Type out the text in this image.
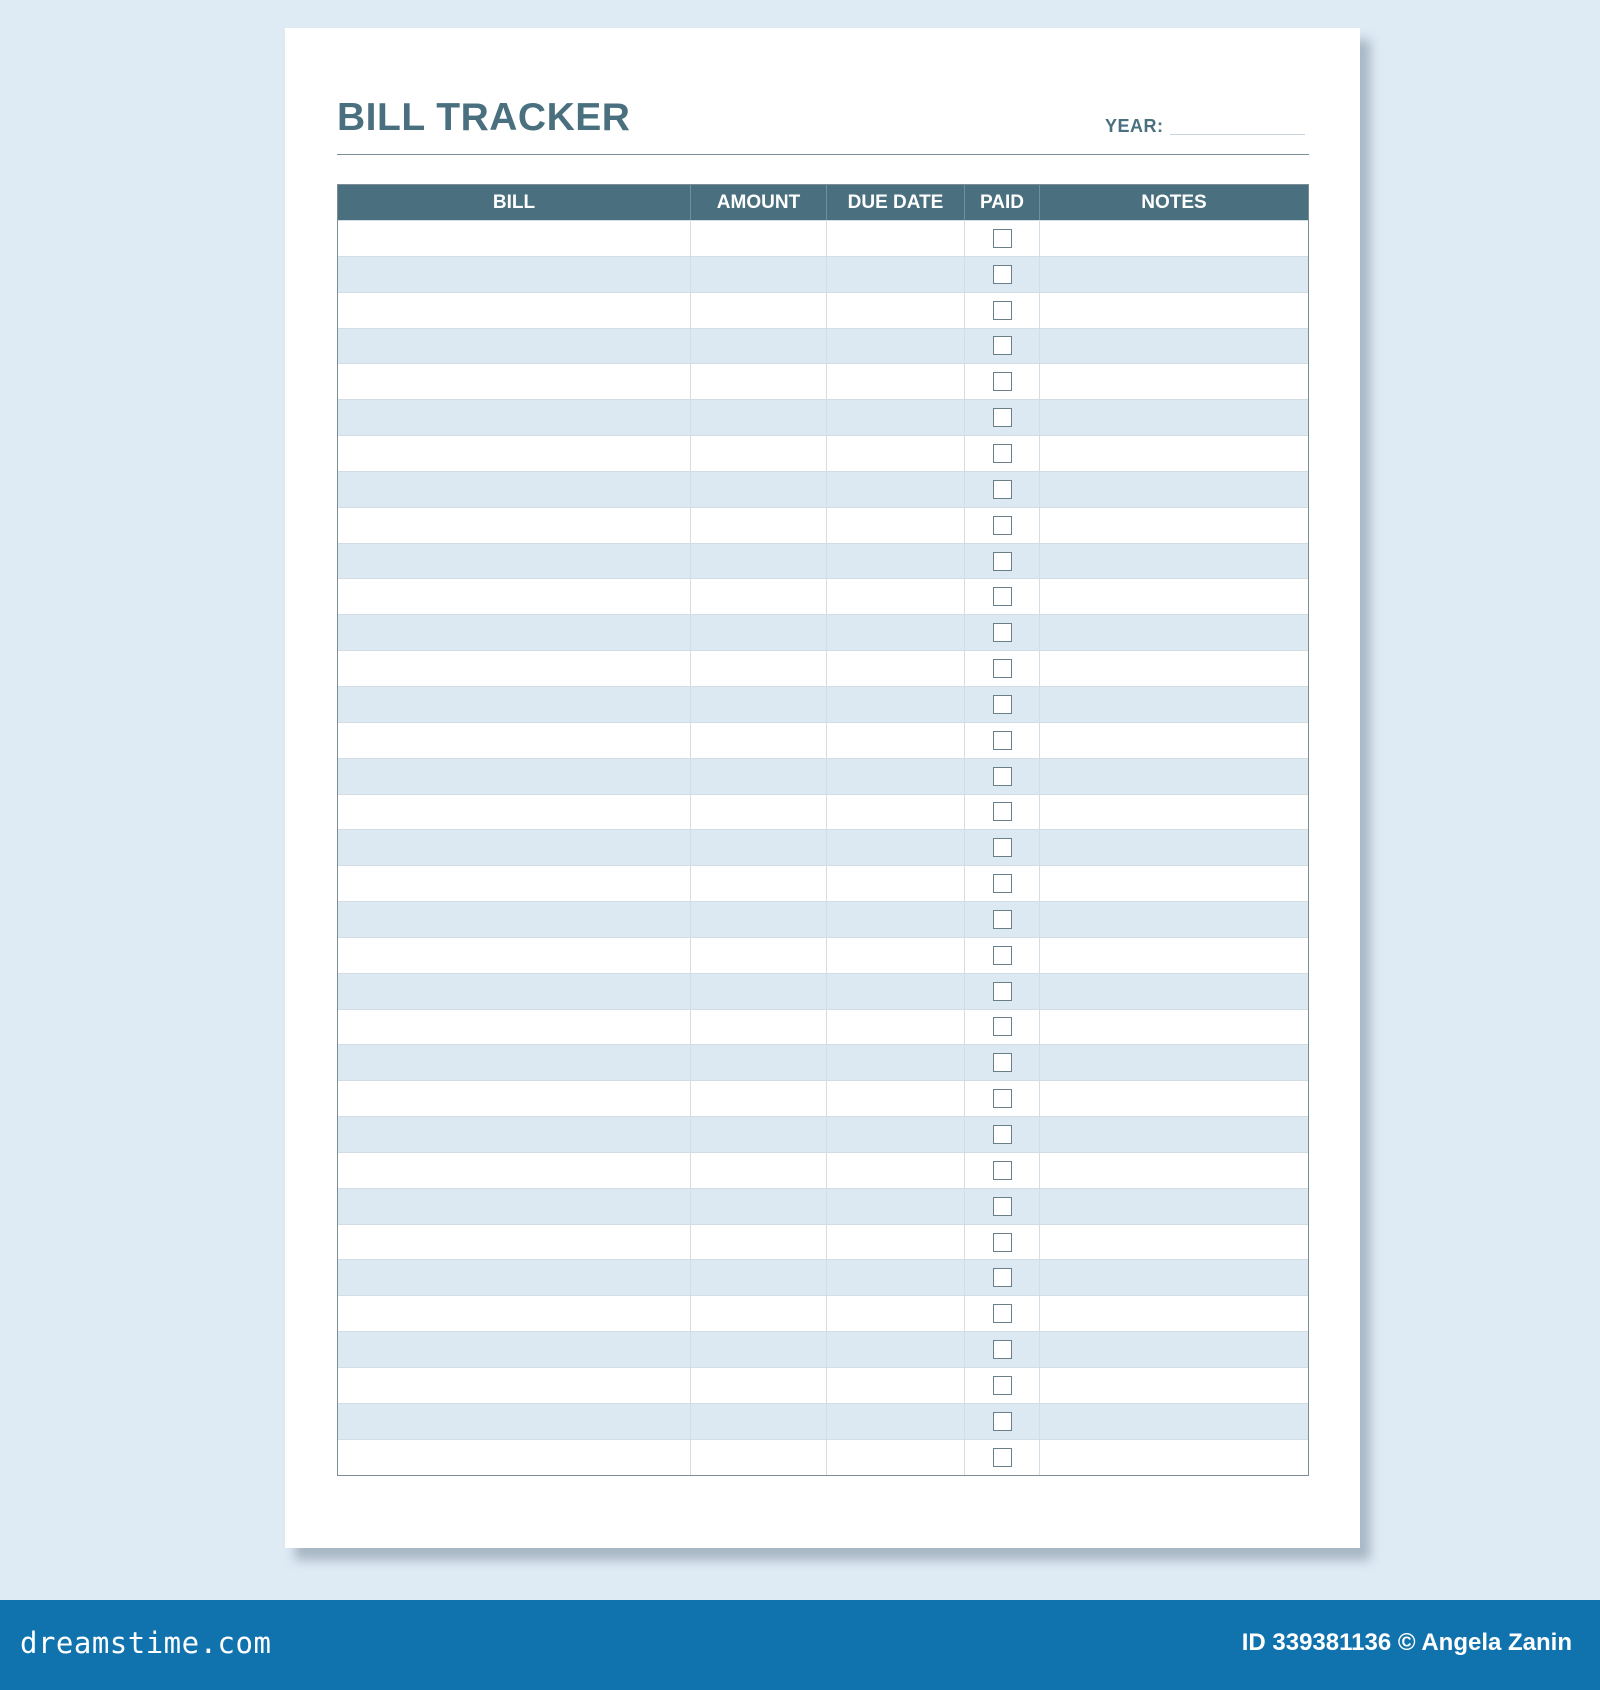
BILL TRACKER	YEAR:
BILL	AMOUNT	DUE DATE	PAID	NOTES
dreamstime.com	ID 339381136 © Angela Zanin
